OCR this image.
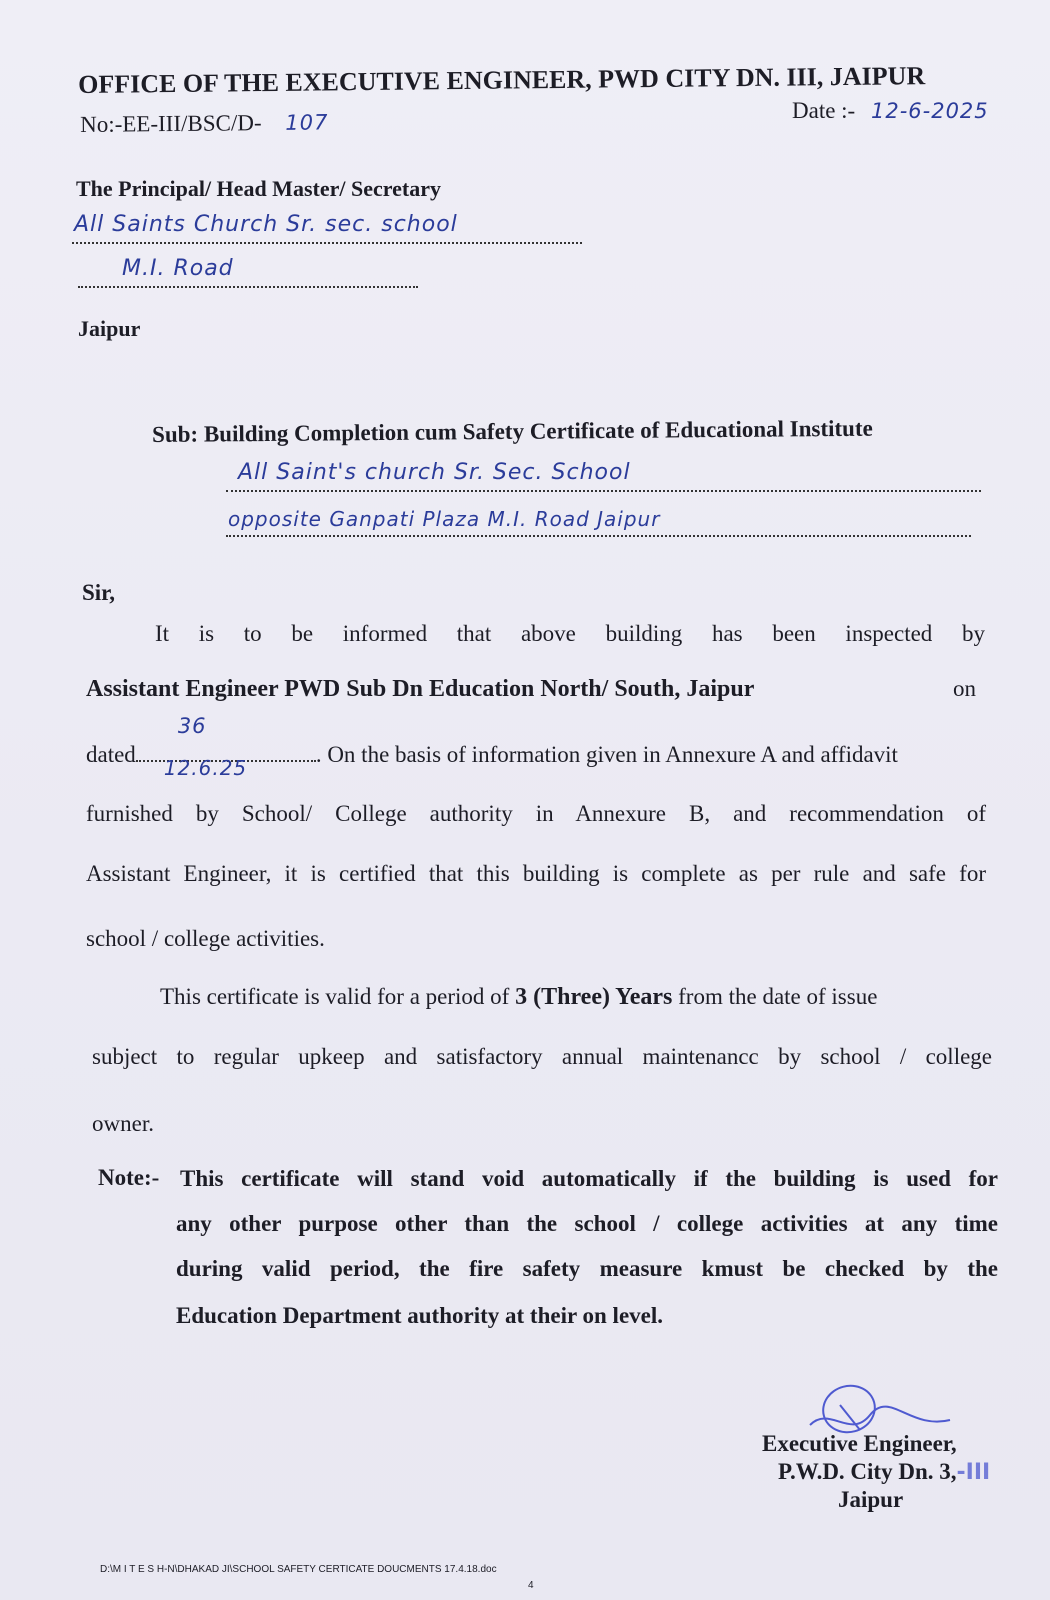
OFFICE OF THE EXECUTIVE ENGINEER, PWD CITY DN. III, JAIPUR
No:-EE-III/BSC/D- 107	Date :- 12-6-2025
The Principal/ Head Master/ Secretary
All Saints Church Sr. sec. school
M.I. Road
Jaipur
Sub: Building Completion cum Safety Certificate of Educational Institute
All Saint's church Sr. Sec. School
opposite Ganpati Plaza M.I. Road Jaipur
Sir,
It is to be informed that above building has been inspected by
Assistant Engineer PWD Sub Dn Education North/ South, Jaipur	on
dated
36
12.6.25
. On the basis of information given in Annexure A and affidavit
furnished by School/ College authority in Annexure B, and recommendation of
Assistant Engineer, it is certified that this building is complete as per rule and safe for
school / college activities.
This certificate is valid for a period of 3 (Three) Years from the date of issue
subject to regular upkeep and satisfactory annual maintenancc by school / college
owner.
Note:- This certificate will stand void automatically if the building is used for
any other purpose other than the school / college activities at any time
during valid period, the fire safety measure kmust be checked by the
Education Department authority at their on level.
Executive Engineer,
P.W.D. City Dn. 3,-III
Jaipur
D:\M I T E S H-N\DHAKAD JI\SCHOOL SAFETY CERTICATE DOUCMENTS 17.4.18.doc
4
